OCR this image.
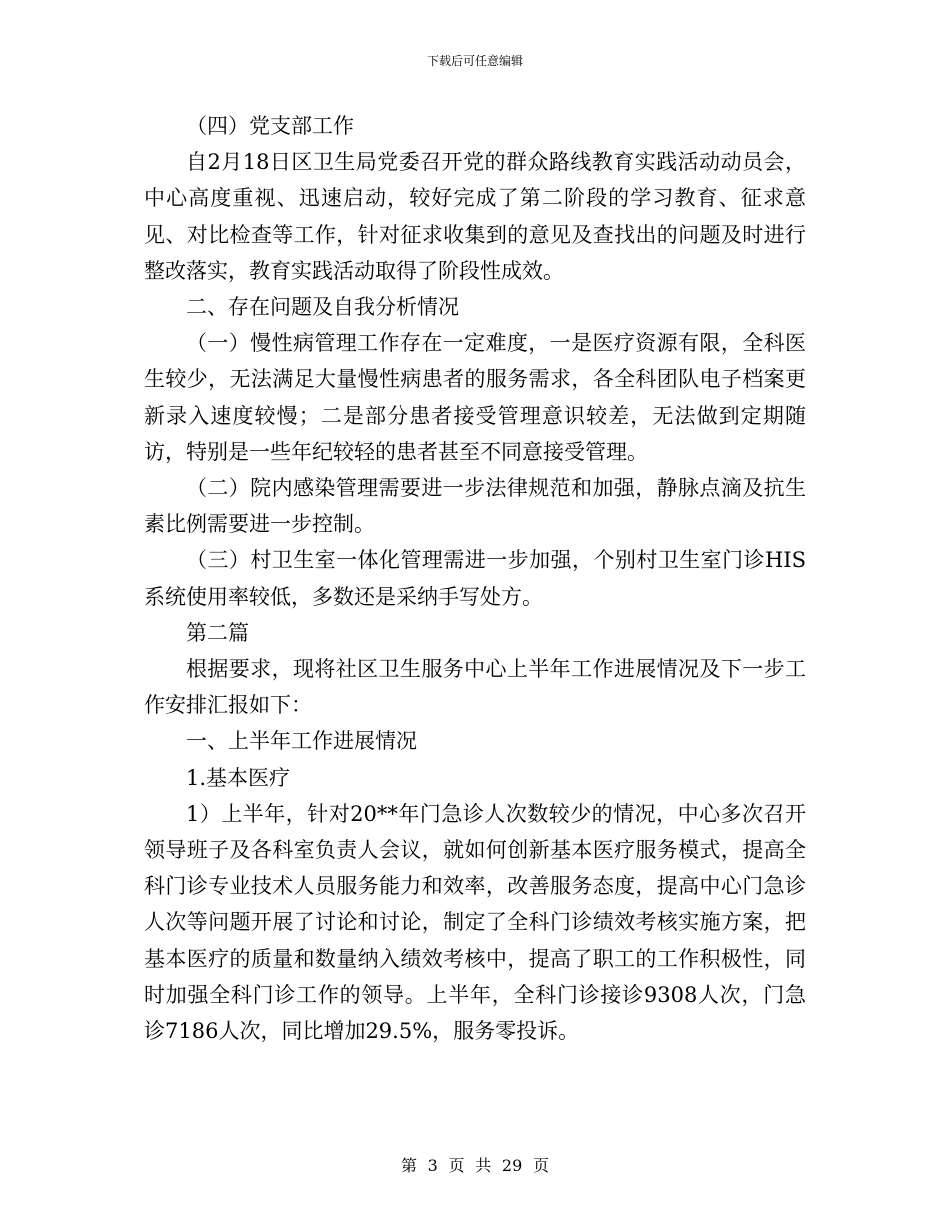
下载后可任意编辑

（四）党支部工作

自2月18日区卫生局党委召开党的群众路线教育实践活动动员会，中心高度重视、迅速启动，较好完成了第二阶段的学习教育、征求意见、对比检查等工作，针对征求收集到的意见及查找出的问题及时进行整改落实，教育实践活动取得了阶段性成效。

二、存在问题及自我分析情况

（一）慢性病管理工作存在一定难度，一是医疗资源有限，全科医生较少，无法满足大量慢性病患者的服务需求，各全科团队电子档案更新录入速度较慢；二是部分患者接受管理意识较差，无法做到定期随访，特别是一些年纪较轻的患者甚至不同意接受管理。

（二）院内感染管理需要进一步法律规范和加强，静脉点滴及抗生素比例需要进一步控制。

（三）村卫生室一体化管理需进一步加强，个别村卫生室门诊HIS系统使用率较低，多数还是采纳手写处方。

第二篇

根据要求，现将社区卫生服务中心上半年工作进展情况及下一步工作安排汇报如下：

一、上半年工作进展情况

1.基本医疗

1）上半年，针对20**年门急诊人次数较少的情况，中心多次召开领导班子及各科室负责人会议，就如何创新基本医疗服务模式，提高全科门诊专业技术人员服务能力和效率，改善服务态度，提高中心门急诊人次等问题开展了讨论和讨论，制定了全科门诊绩效考核实施方案，把基本医疗的质量和数量纳入绩效考核中，提高了职工的工作积极性，同时加强全科门诊工作的领导。上半年，全科门诊接诊9308人次，门急诊7186人次，同比增加29.5%，服务零投诉。

第 3 页 共 29 页
